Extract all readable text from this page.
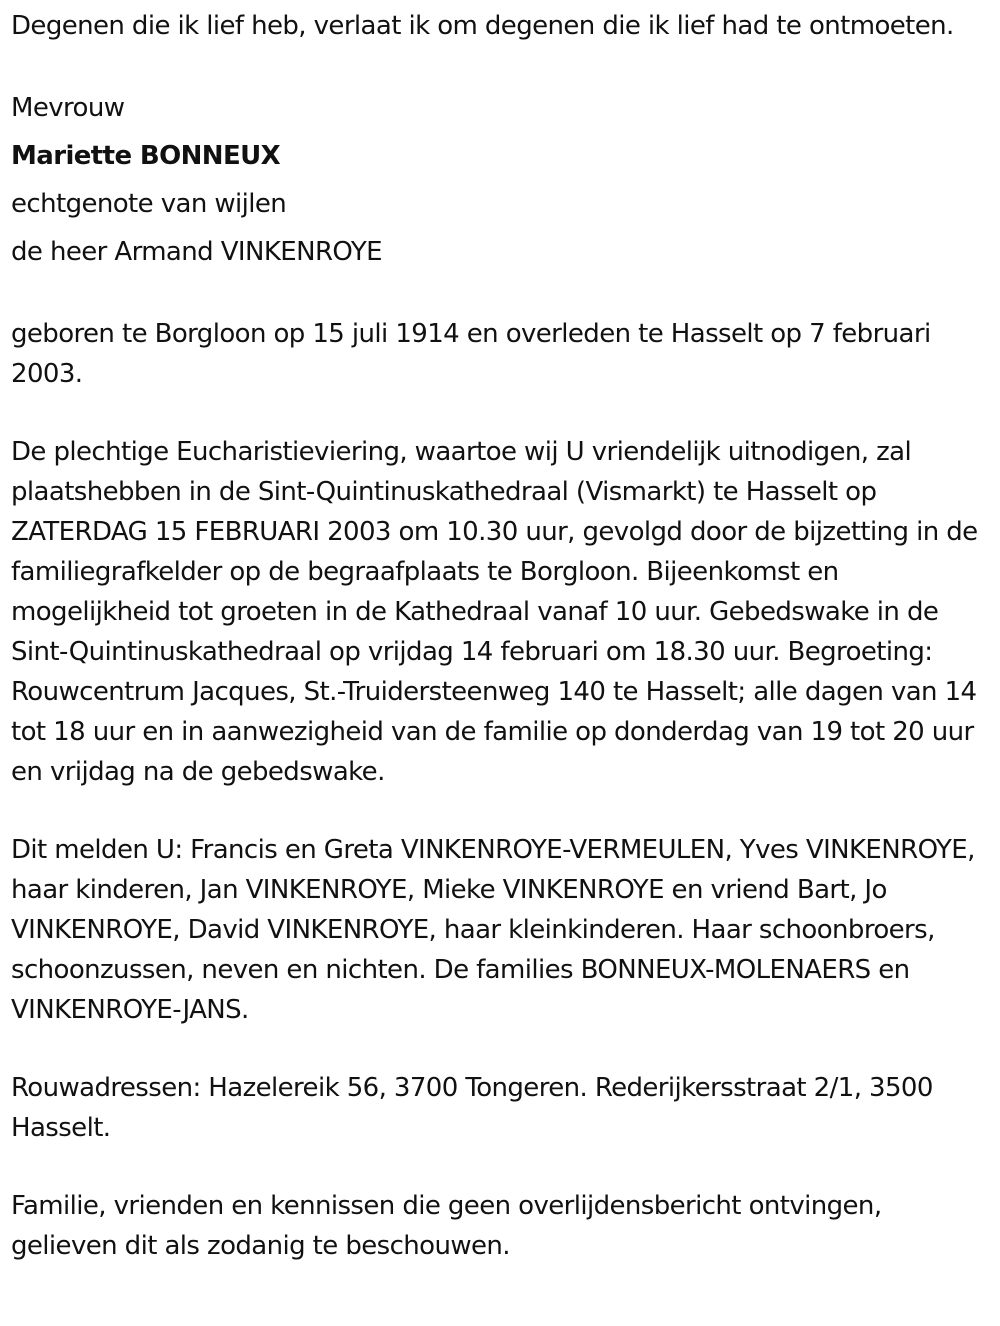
Degenen die ik lief heb, verlaat ik om degenen die ik lief had te ontmoeten.

Mevrouw

Mariette BONNEUX

echtgenote van wijlen

de heer Armand VINKENROYE

geboren te Borgloon op 15 juli 1914 en overleden te Hasselt op 7 februari 2003.

De plechtige Eucharistieviering, waartoe wij U vriendelijk uitnodigen, zal plaatshebben in de Sint-Quintinuskathedraal (Vismarkt) te Hasselt op ZATERDAG 15 FEBRUARI 2003 om 10.30 uur, gevolgd door de bijzetting in de familiegrafkelder op de begraafplaats te Borgloon. Bijeenkomst en mogelijkheid tot groeten in de Kathedraal vanaf 10 uur. Gebedswake in de Sint-Quintinuskathedraal op vrijdag 14 februari om 18.30 uur. Begroeting: Rouwcentrum Jacques, St.-Truidersteenweg 140 te Hasselt; alle dagen van 14 tot 18 uur en in aanwezigheid van de familie op donderdag van 19 tot 20 uur en vrijdag na de gebedswake.

Dit melden U: Francis en Greta VINKENROYE-VERMEULEN, Yves VINKENROYE, haar kinderen, Jan VINKENROYE, Mieke VINKENROYE en vriend Bart, Jo VINKENROYE, David VINKENROYE, haar kleinkinderen. Haar schoonbroers, schoonzussen, neven en nichten. De families BONNEUX-MOLENAERS en VINKENROYE-JANS.

Rouwadressen: Hazelereik 56, 3700 Tongeren. Rederijkersstraat 2/1, 3500 Hasselt.

Familie, vrienden en kennissen die geen overlijdensbericht ontvingen, gelieven dit als zodanig te beschouwen.
